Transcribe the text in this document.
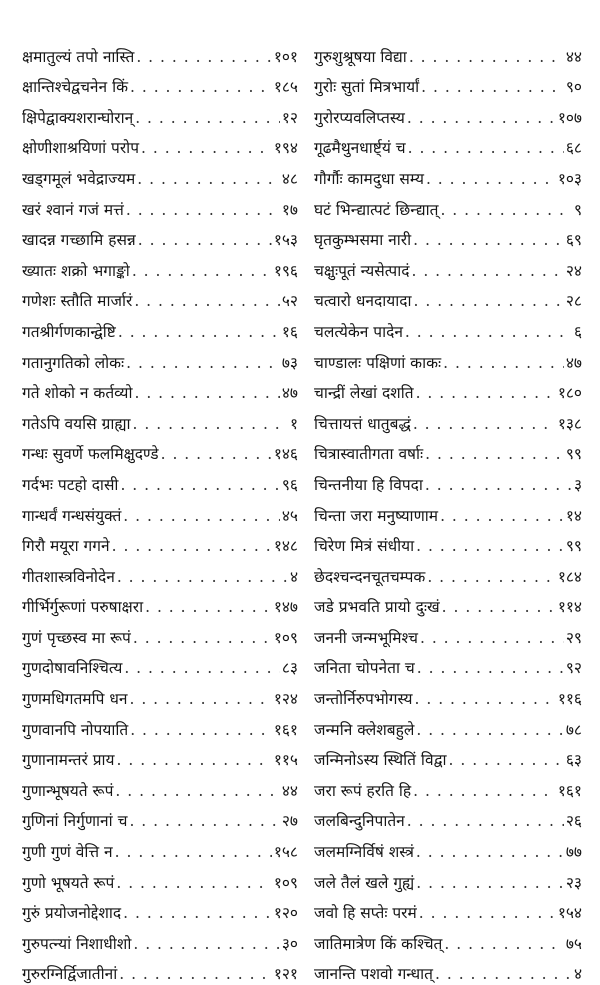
क्षमातुल्यं तपो नास्ति . . .	१०१
क्षान्तिश्चेद्वचनेन किं . . .	१८५
क्षिपेद्वाक्यशरान्घोरान् . . .	१२
क्षोणीशाश्रयिणां परोप . . .	१९४
खड्गमूलं भवेद्राज्यम . . .	४८
खरं श्वानं गजं मत्तं . . .	१७
खादन्न गच्छामि हसन्न . . .	१५३
ख्यातः शक्रो भगाङ्को . . .	१९६
गणेशः स्तौति मार्जारं . . .	५२
गतश्रीर्गणकान्द्वेष्टि . . .	१६
गतानुगतिको लोकः . . .	७३
गते शोको न कर्तव्यो . . .	४७
गतेऽपि वयसि ग्राह्या . . .	१
गन्धः सुवर्णे फलमिक्षुदण्डे . . .	१४६
गर्दभः पटहो दासी . . .	९६
गान्धर्वं गन्धसंयुक्तं . . .	४५
गिरौ मयूरा गगने . . .	१४८
गीतशास्त्रविनोदेन . . .	४
गीर्भिर्गुरूणां परुषाक्षरा . . .	१४७
गुणं पृच्छस्व मा रूपं . . .	१०९
गुणदोषावनिश्चित्य . . .	८३
गुणमधिगतमपि धन . . .	१२४
गुणवानपि नोपयाति . . .	१६१
गुणानामन्तरं प्राय . . .	११५
गुणान्भूषयते रूपं . . .	४४
गुणिनां निर्गुणानां च . . .	२७
गुणी गुणं वेत्ति न . . .	१५८
गुणो भूषयते रूपं . . .	१०९
गुरुं प्रयोजनोद्देशाद . . .	१२०
गुरुपत्न्यां निशाधीशो . . .	३०
गुरुरग्निर्द्विजातीनां . . .	१२१
गुरुशुश्रूषया विद्या . . .	४४
गुरोः सुतां मित्रभार्यां . . .	९०
गुरोरप्यवलिप्तस्य . . .	१०७
गूढमैथुनधार्ष्ट्यं च . . .	६८
गौर्गौः कामदुधा सम्य . . .	१०३
घटं भिन्द्यात्पटं छिन्द्यात् . . .	९
घृतकुम्भसमा नारी . . .	६९
चक्षुःपूतं न्यसेत्पादं . . .	२४
चत्वारो धनदायादा . . .	२८
चलत्येकेन पादेन . . .	६
चाण्डालः पक्षिणां काकः . . .	४७
चान्द्रीं लेखां दशति . . .	१८०
चित्तायत्तं धातुबद्धं . . .	१३८
चित्रास्वातीगता वर्षाः . . .	९९
चिन्तनीया हि विपदा . . .	३
चिन्ता जरा मनुष्याणाम . . .	१४
चिरेण मित्रं संधीया . . .	९९
छेदश्चन्दनचूतचम्पक . . .	१८४
जडे प्रभवति प्रायो दुःखं . . .	११४
जननी जन्मभूमिश्च . . .	२९
जनिता चोपनेता च . . .	९२
जन्तोर्निरुपभोगस्य . . .	११६
जन्मनि क्लेशबहुले . . .	७८
जन्मिनोऽस्य स्थितिं विद्वा . . .	६३
जरा रूपं हरति हि . . .	१६१
जलबिन्दुनिपातेन . . .	२६
जलमग्निर्विषं शस्त्रं . . .	७७
जले तैलं खले गुह्यं . . .	२३
जवो हि सप्तेः परमं . . .	१५४
जातिमात्रेण किं कश्चित् . . .	७५
जानन्ति पशवो गन्धात् . . .	४
